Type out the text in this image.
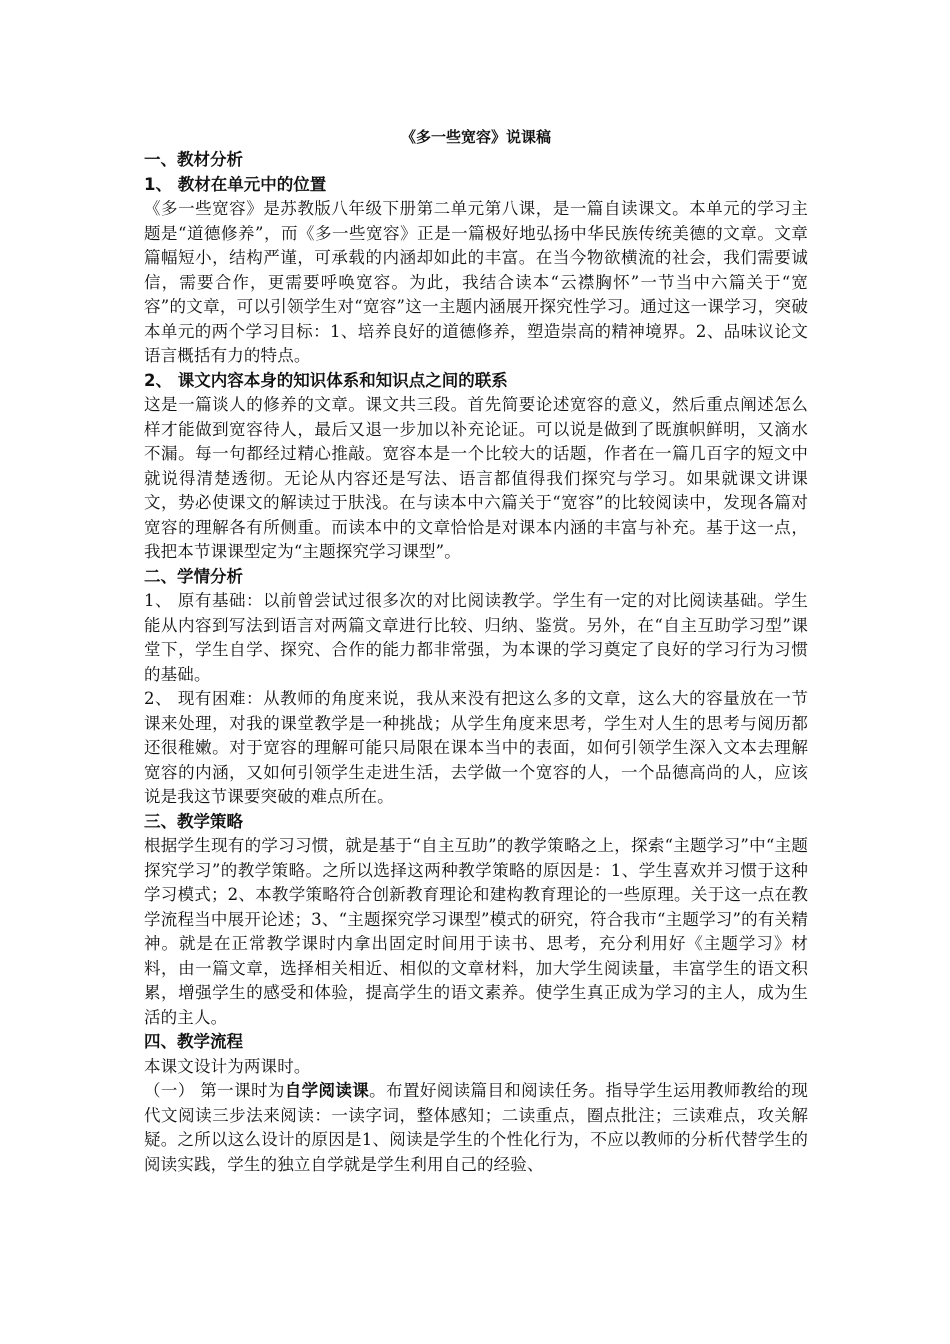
《多一些宽容》说课稿

一、教材分析

1、 教材在单元中的位置

《多一些宽容》是苏教版八年级下册第二单元第八课，是一篇自读课文。本单元的学习主题是“道德修养”，而《多一些宽容》正是一篇极好地弘扬中华民族传统美德的文章。文章篇幅短小，结构严谨，可承载的内涵却如此的丰富。在当今物欲横流的社会，我们需要诚信，需要合作，更需要呼唤宽容。为此，我结合读本“云襟胸怀”一节当中六篇关于“宽容”的文章，可以引领学生对“宽容”这一主题内涵展开探究性学习。通过这一课学习，突破本单元的两个学习目标：1、培养良好的道德修养，塑造崇高的精神境界。2、品味议论文语言概括有力的特点。

2、 课文内容本身的知识体系和知识点之间的联系

这是一篇谈人的修养的文章。课文共三段。首先简要论述宽容的意义，然后重点阐述怎么样才能做到宽容待人，最后又退一步加以补充论证。可以说是做到了既旗帜鲜明，又滴水不漏。每一句都经过精心推敲。宽容本是一个比较大的话题，作者在一篇几百字的短文中就说得清楚透彻。无论从内容还是写法、语言都值得我们探究与学习。如果就课文讲课文，势必使课文的解读过于肤浅。在与读本中六篇关于“宽容”的比较阅读中，发现各篇对宽容的理解各有所侧重。而读本中的文章恰恰是对课本内涵的丰富与补充。基于这一点，我把本节课课型定为“主题探究学习课型”。

二、学情分析

1、 原有基础：以前曾尝试过很多次的对比阅读教学。学生有一定的对比阅读基础。学生能从内容到写法到语言对两篇文章进行比较、归纳、鉴赏。另外，在“自主互助学习型”课堂下，学生自学、探究、合作的能力都非常强，为本课的学习奠定了良好的学习行为习惯的基础。

2、 现有困难：从教师的角度来说，我从来没有把这么多的文章，这么大的容量放在一节课来处理，对我的课堂教学是一种挑战；从学生角度来思考，学生对人生的思考与阅历都还很稚嫩。对于宽容的理解可能只局限在课本当中的表面，如何引领学生深入文本去理解宽容的内涵，又如何引领学生走进生活，去学做一个宽容的人，一个品德高尚的人，应该说是我这节课要突破的难点所在。

三、教学策略

根据学生现有的学习习惯，就是基于“自主互助”的教学策略之上，探索“主题学习”中“主题探究学习”的教学策略。之所以选择这两种教学策略的原因是：1、学生喜欢并习惯于这种学习模式；2、本教学策略符合创新教育理论和建构教育理论的一些原理。关于这一点在教学流程当中展开论述；3、“主题探究学习课型”模式的研究，符合我市“主题学习”的有关精神。就是在正常教学课时内拿出固定时间用于读书、思考，充分利用好《主题学习》材料，由一篇文章，选择相关相近、相似的文章材料，加大学生阅读量，丰富学生的语文积累，增强学生的感受和体验，提高学生的语文素养。使学生真正成为学习的主人，成为生活的主人。

四、教学流程

本课文设计为两课时。

（一） 第一课时为自学阅读课。布置好阅读篇目和阅读任务。指导学生运用教师教给的现代文阅读三步法来阅读：一读字词，整体感知；二读重点，圈点批注；三读难点，攻关解疑。之所以这么设计的原因是1、阅读是学生的个性化行为，不应以教师的分析代替学生的阅读实践，学生的独立自学就是学生利用自己的经验、
